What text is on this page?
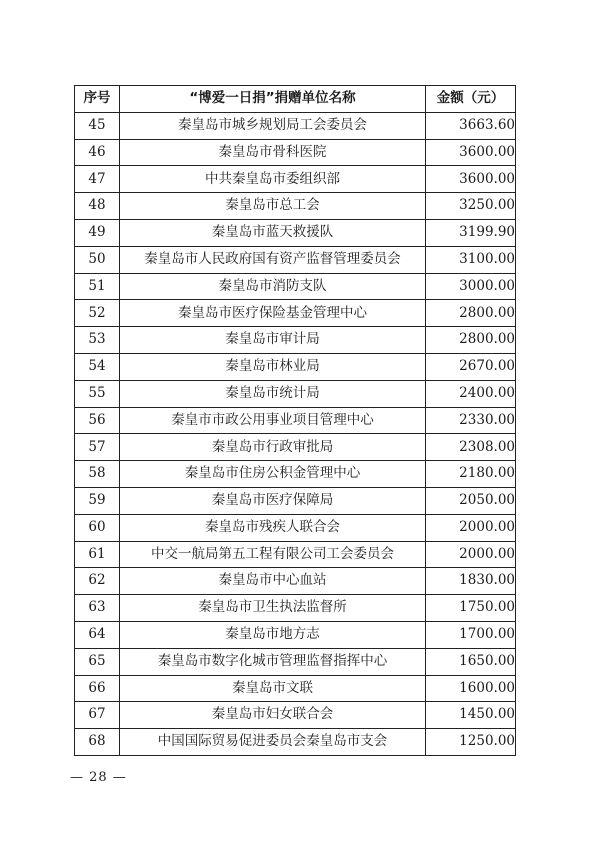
序号	“博爱一日捐”捐赠单位名称	金额（元）
45	秦皇岛市城乡规划局工会委员会	3663.60
46	秦皇岛市骨科医院	3600.00
47	中共秦皇岛市委组织部	3600.00
48	秦皇岛市总工会	3250.00
49	秦皇岛市蓝天救援队	3199.90
50	秦皇岛市人民政府国有资产监督管理委员会	3100.00
51	秦皇岛市消防支队	3000.00
52	秦皇岛市医疗保险基金管理中心	2800.00
53	秦皇岛市审计局	2800.00
54	秦皇岛市林业局	2670.00
55	秦皇岛市统计局	2400.00
56	秦皇市市政公用事业项目管理中心	2330.00
57	秦皇岛市行政审批局	2308.00
58	秦皇岛市住房公积金管理中心	2180.00
59	秦皇岛市医疗保障局	2050.00
60	秦皇岛市残疾人联合会	2000.00
61	中交一航局第五工程有限公司工会委员会	2000.00
62	秦皇岛市中心血站	1830.00
63	秦皇岛市卫生执法监督所	1750.00
64	秦皇岛市地方志	1700.00
65	秦皇岛市数字化城市管理监督指挥中心	1650.00
66	秦皇岛市文联	1600.00
67	秦皇岛市妇女联合会	1450.00
68	中国国际贸易促进委员会秦皇岛市支会	1250.00
— 28 —
